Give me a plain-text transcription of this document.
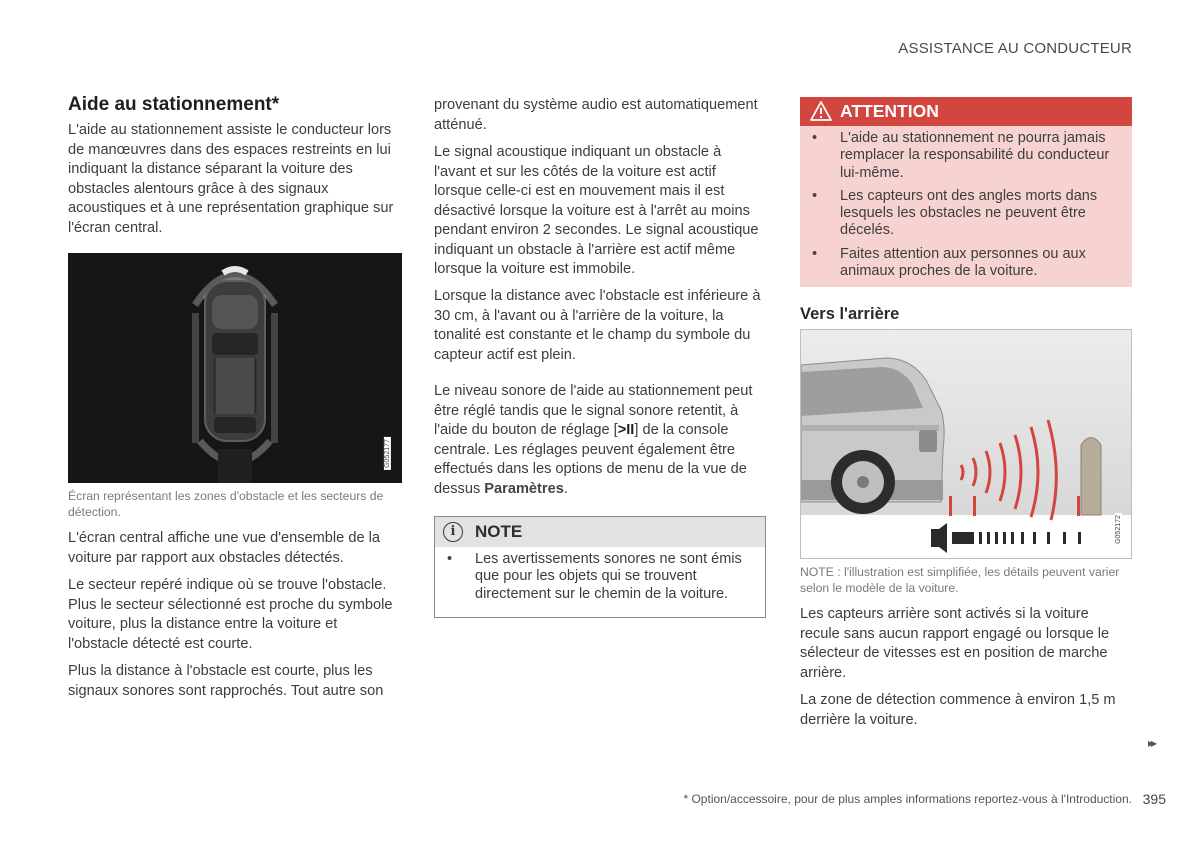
ASSISTANCE AU CONDUCTEUR
Aide au stationnement*

L'aide au stationnement assiste le conducteur lors de manœuvres dans des espaces restreints en lui indiquant la distance séparant la voiture des obstacles alentours grâce à des signaux acoustiques et à une représentation graphique sur l'écran central.

G052177

Écran représentant les zones d'obstacle et les secteurs de détection.

L'écran central affiche une vue d'ensemble de la voiture par rapport aux obstacles détectés.

Le secteur repéré indique où se trouve l'obstacle. Plus le secteur sélectionné est proche du symbole voiture, plus la distance entre la voiture et l'obstacle détecté est courte.

Plus la distance à l'obstacle est courte, plus les signaux sonores sont rapprochés. Tout autre son

provenant du système audio est automatiquement atténué.

Le signal acoustique indiquant un obstacle à l'avant et sur les côtés de la voiture est actif lorsque celle-ci est en mouvement mais il est désactivé lorsque la voiture est à l'arrêt au moins pendant environ 2 secondes. Le signal acoustique indiquant un obstacle à l'arrière est actif même lorsque la voiture est immobile.

Lorsque la distance avec l'obstacle est inférieure à 30 cm, à l'avant ou à l'arrière de la voiture, la tonalité est constante et le champ du symbole du capteur actif est plein.

Le niveau sonore de l'aide au stationnement peut être réglé tandis que le signal sonore retentit, à l'aide du bouton de réglage [>II] de la console centrale. Les réglages peuvent également être effectués dans les options de menu de la vue de dessus Paramètres.

i	NOTE
• Les avertissements sonores ne sont émis que pour les objets qui se trouvent directement sur le chemin de la voiture.
ATTENTION
• L'aide au stationnement ne pourra jamais remplacer la responsabilité du conducteur lui-même.
• Les capteurs ont des angles morts dans lesquels les obstacles ne peuvent être décelés.
• Faites attention aux personnes ou aux animaux proches de la voiture.
Vers l'arrière
G052172

NOTE : l'illustration est simplifiée, les détails peuvent varier selon le modèle de la voiture.

Les capteurs arrière sont activés si la voiture recule sans aucun rapport engagé ou lorsque le sélecteur de vitesses est en position de marche arrière.

La zone de détection commence à environ 1,5 m derrière la voiture.

▸▸
* Option/accessoire, pour de plus amples informations reportez-vous à l'Introduction. 395
